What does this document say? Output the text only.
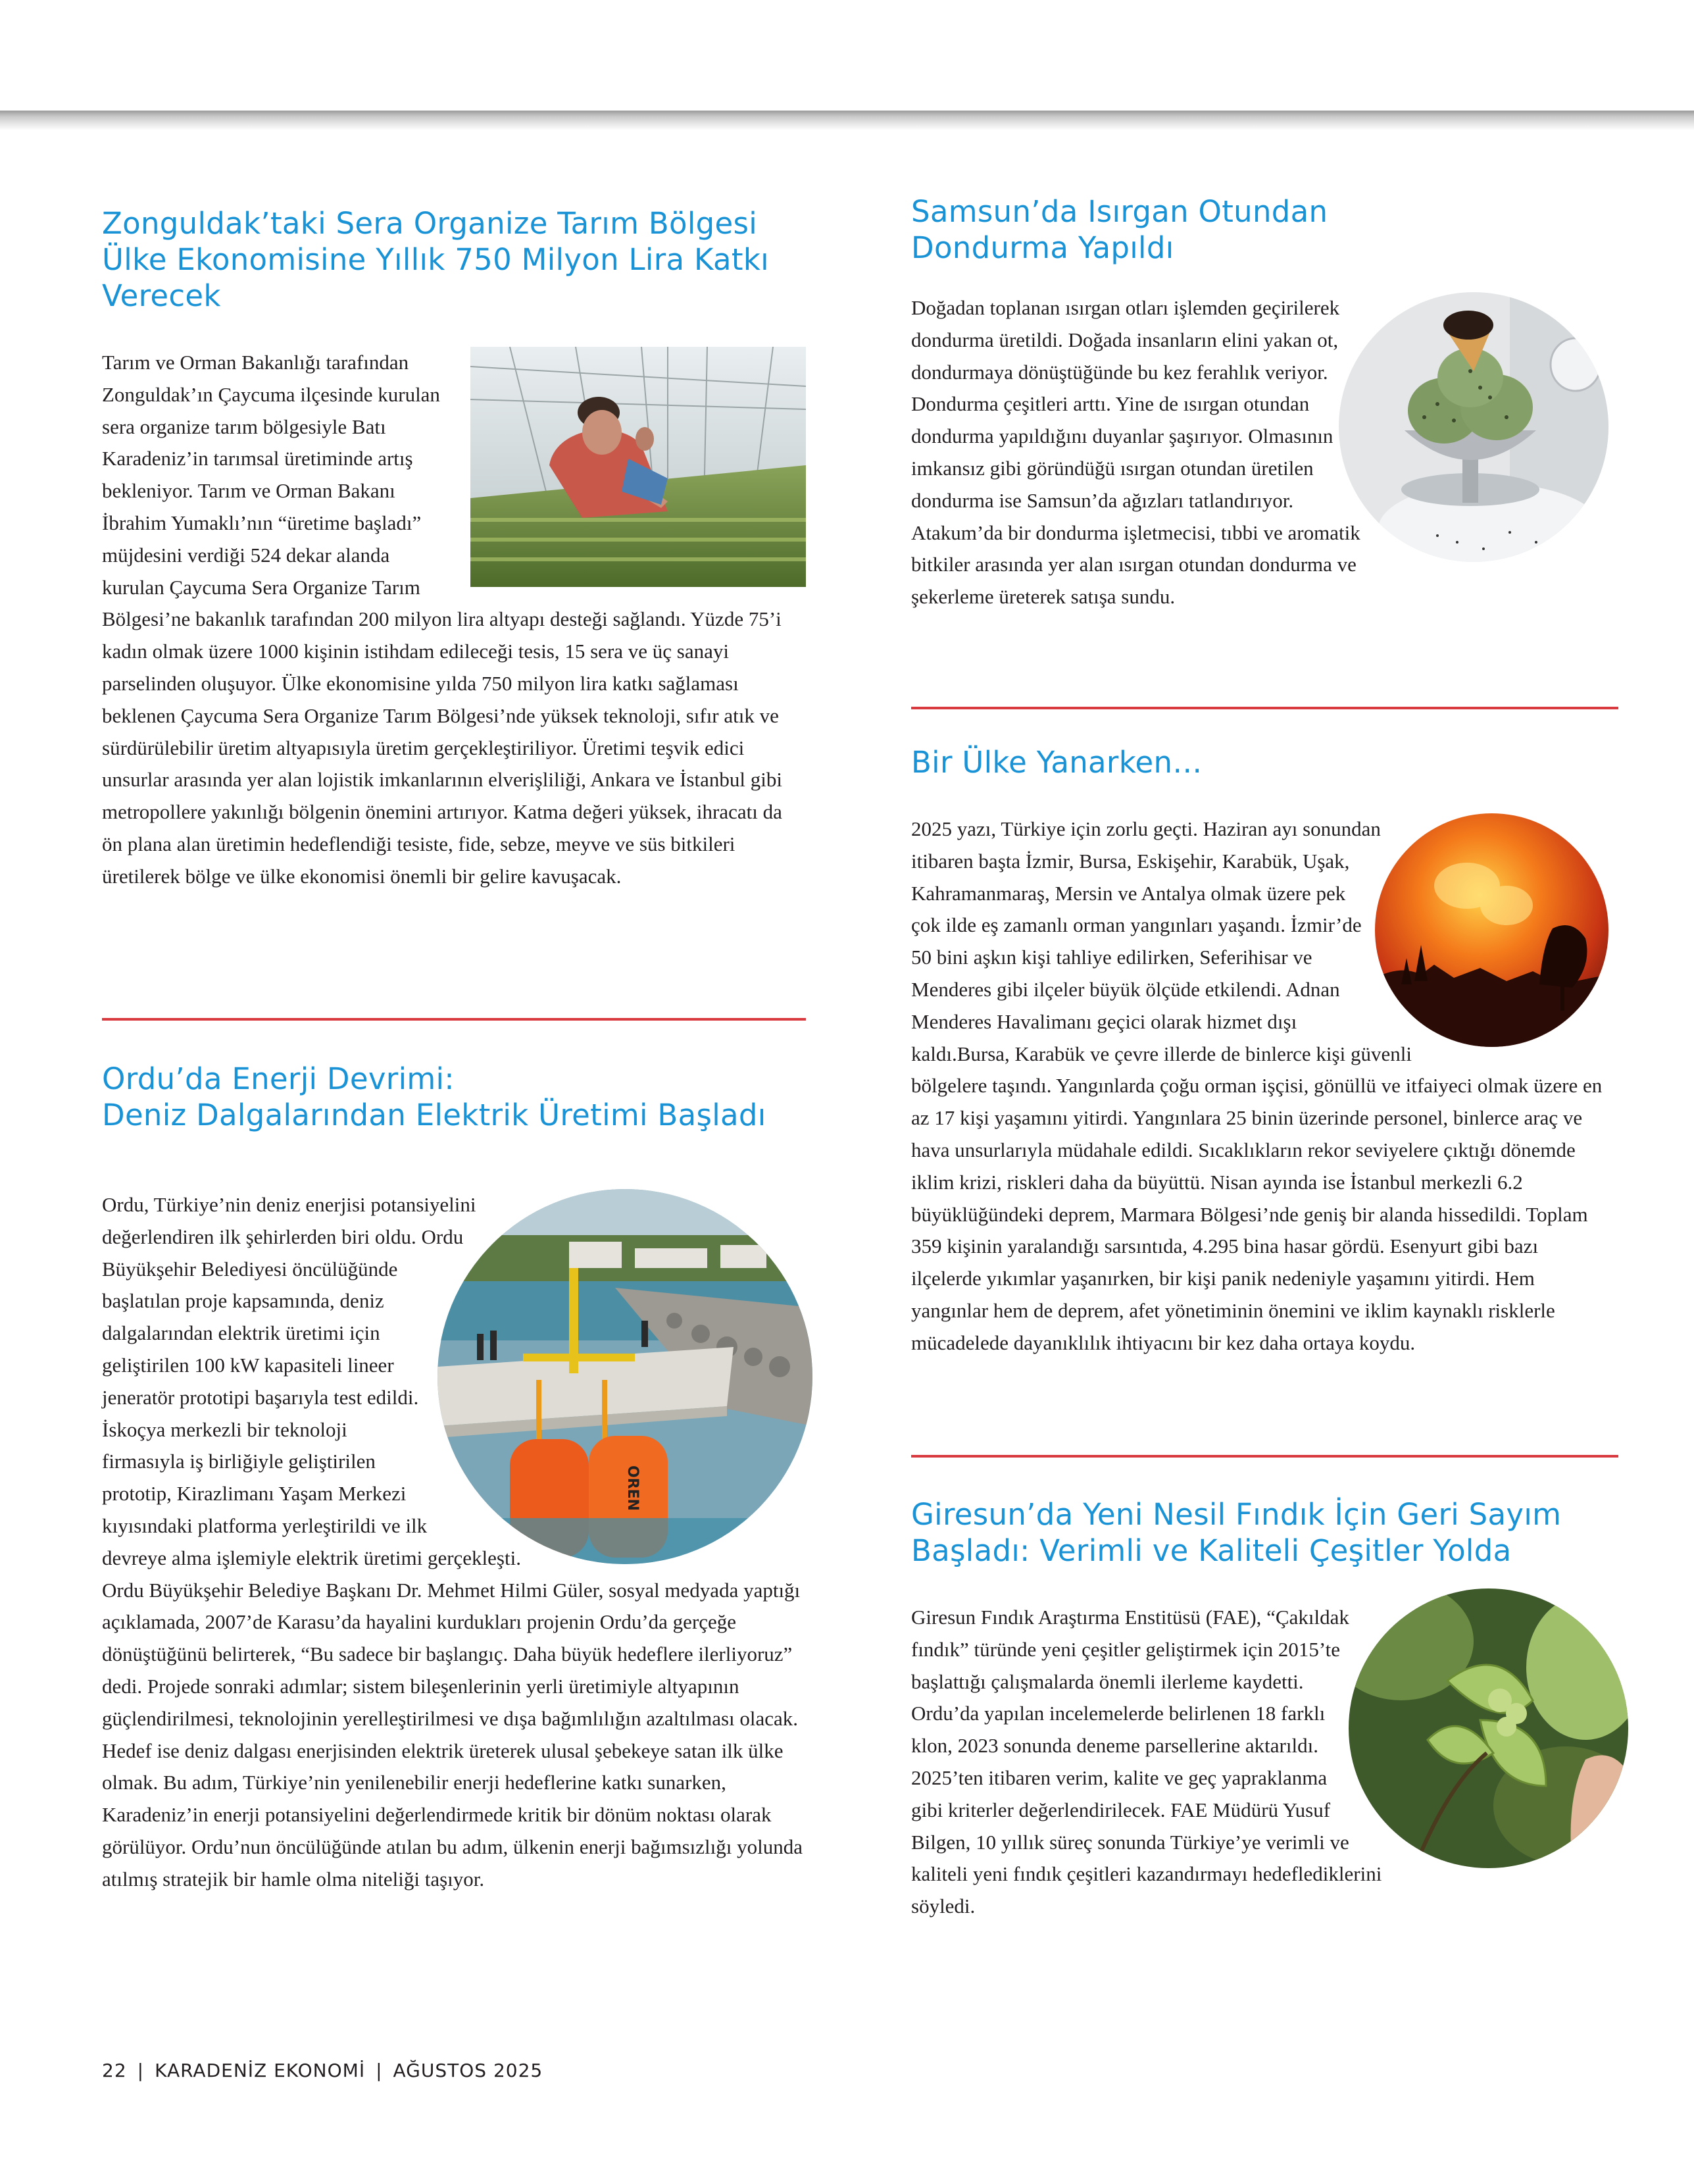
Zonguldak’taki Sera Organize Tarım Bölgesi Ülke Ekonomisine Yıllık 750 Milyon Lira Katkı Verecek
Tarım ve Orman Bakanlığı tarafından Zonguldak’ın Çaycuma ilçesinde kurulan sera organize tarım bölgesiyle Batı Karadeniz’in tarımsal üretiminde artış bekleniyor. Tarım ve Orman Bakanı İbrahim Yumaklı’nın “üretime başladı” müjdesini verdiği 524 dekar alanda kurulan Çaycuma Sera Organize Tarım Bölgesi’ne bakanlık tarafından 200 milyon lira altyapı desteği sağlandı. Yüzde 75’i kadın olmak üzere 1000 kişinin istihdam edileceği tesis, 15 sera ve üç sanayi parselinden oluşuyor. Ülke ekonomisine yılda 750 milyon lira katkı sağlaması beklenen Çaycuma Sera Organize Tarım Bölgesi’nde yüksek teknoloji, sıfır atık ve sürdürülebilir üretim altyapısıyla üretim gerçekleştiriliyor. Üretimi teşvik edici unsurlar arasında yer alan lojistik imkanlarının elverişliliği, Ankara ve İstanbul gibi metropollere yakınlığı bölgenin önemini artırıyor. Katma değeri yüksek, ihracatı da ön plana alan üretimin hedeflendiği tesiste, fide, sebze, meyve ve süs bitkileri üretilerek bölge ve ülke ekonomisi önemli bir gelire kavuşacak.
Ordu’da Enerji Devrimi:
Deniz Dalgalarından Elektrik Üretimi Başladı
OREN
Ordu, Türkiye’nin deniz enerjisi potansiyelini değerlendiren ilk şehirlerden biri oldu. Ordu Büyükşehir Belediyesi öncülüğünde başlatılan proje kapsamında, deniz dalgalarından elektrik üretimi için geliştirilen 100 kW kapasiteli lineer jeneratör prototipi başarıyla test edildi. İskoçya merkezli bir teknoloji firmasıyla iş birliğiyle geliştirilen prototip, Kirazlimanı Yaşam Merkezi kıyısındaki platforma yerleştirildi ve ilk devreye alma işlemiyle elektrik üretimi gerçekleşti. Ordu Büyükşehir Belediye Başkanı Dr. Mehmet Hilmi Güler, sosyal medyada yaptığı açıklamada, 2007’de Karasu’da hayalini kurdukları projenin Ordu’da gerçeğe dönüştüğünü belirterek, “Bu sadece bir başlangıç. Daha büyük hedeflere ilerliyoruz” dedi. Projede sonraki adımlar; sistem bileşenlerinin yerli üretimiyle altyapının güçlendirilmesi, teknolojinin yerelleştirilmesi ve dışa bağımlılığın azaltılması olacak. Hedef ise deniz dalgası enerjisinden elektrik üreterek ulusal şebekeye satan ilk ülke olmak. Bu adım, Türkiye’nin yenilenebilir enerji hedeflerine katkı sunarken, Karadeniz’in enerji potansiyelini değerlendirmede kritik bir dönüm noktası olarak görülüyor. Ordu’nun öncülüğünde atılan bu adım, ülkenin enerji bağımsızlığı yolunda atılmış stratejik bir hamle olma niteliği taşıyor.
Samsun’da Isırgan Otundan Dondurma Yapıldı
Doğadan toplanan ısırgan otları işlemden geçirilerek dondurma üretildi. Doğada insanların elini yakan ot, dondurmaya dönüştüğünde bu kez ferahlık veriyor. Dondurma çeşitleri arttı. Yine de ısırgan otundan dondurma yapıldığını duyanlar şaşırıyor. Olmasının imkansız gibi göründüğü ısırgan otundan üretilen dondurma ise Samsun’da ağızları tatlandırıyor. Atakum’da bir dondurma işletmecisi, tıbbi ve aromatik bitkiler arasında yer alan ısırgan otundan dondurma ve şekerleme üreterek satışa sundu.
Bir Ülke Yanarken…
2025 yazı, Türkiye için zorlu geçti. Haziran ayı sonundan itibaren başta İzmir, Bursa, Eskişehir, Karabük, Uşak, Kahramanmaraş, Mersin ve Antalya olmak üzere pek çok ilde eş zamanlı orman yangınları yaşandı. İzmir’de 50 bini aşkın kişi tahliye edilirken, Seferihisar ve Menderes gibi ilçeler büyük ölçüde etkilendi. Adnan Menderes Havalimanı geçici olarak hizmet dışı kaldı.Bursa, Karabük ve çevre illerde de binlerce kişi güvenli bölgelere taşındı. Yangınlarda çoğu orman işçisi, gönüllü ve itfaiyeci olmak üzere en az 17 kişi yaşamını yitirdi. Yangınlara 25 binin üzerinde personel, binlerce araç ve hava unsurlarıyla müdahale edildi. Sıcaklıkların rekor seviyelere çıktığı dönemde iklim krizi, riskleri daha da büyüttü. Nisan ayında ise İstanbul merkezli 6.2 büyüklüğündeki deprem, Marmara Bölgesi’nde geniş bir alanda hissedildi. Toplam 359 kişinin yaralandığı sarsıntıda, 4.295 bina hasar gördü. Esenyurt gibi bazı ilçelerde yıkımlar yaşanırken, bir kişi panik nedeniyle yaşamını yitirdi. Hem yangınlar hem de deprem, afet yönetiminin önemini ve iklim kaynaklı risklerle mücadelede dayanıklılık ihtiyacını bir kez daha ortaya koydu.
Giresun’da Yeni Nesil Fındık İçin Geri Sayım Başladı: Verimli ve Kaliteli Çeşitler Yolda
Giresun Fındık Araştırma Enstitüsü (FAE), “Çakıldak fındık” türünde yeni çeşitler geliştirmek için 2015’te başlattığı çalışmalarda önemli ilerleme kaydetti. Ordu’da yapılan incelemelerde belirlenen 18 farklı klon, 2023 sonunda deneme parsellerine aktarıldı. 2025’ten itibaren verim, kalite ve geç yapraklanma gibi kriterler değerlendirilecek. FAE Müdürü Yusuf Bilgen, 10 yıllık süreç sonunda Türkiye’ye verimli ve kaliteli yeni fındık çeşitleri kazandırmayı hedeflediklerini söyledi.
22 | KARADENİZ EKONOMİ | AĞUSTOS 2025
